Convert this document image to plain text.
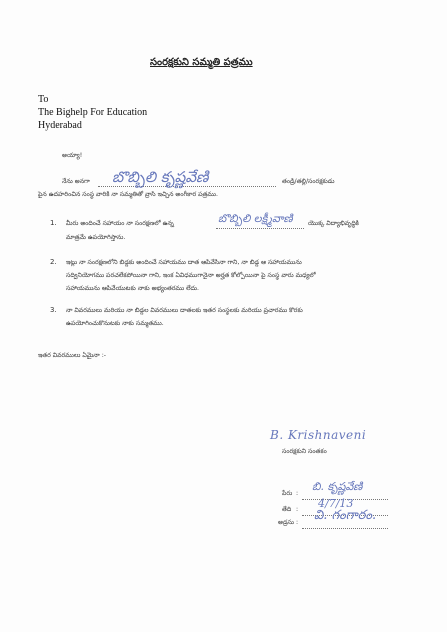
సంరక్షకుని సమ్మతి పత్రము
To
The Bighelp For Education
Hyderabad
అయ్యా!
నేను అనగా బొబ్బిలి కృష్ణవేణి	తండ్రి/తల్లి/సంరక్షకుడు
పైన ఉదహరించిన సంస్థ వారికి నా సమ్మతితో వ్రాసి ఇచ్చిన అంగీకార పత్రము.
1. మీరు అందించే సహాయం నా సంరక్షణలో ఉన్న	బొబ్బిలి లక్ష్మీవాణి యొక్క విద్యాభివృద్ధికి
మాత్రమే ఉపయోగిస్తాను.
2. ఇట్లు నా సంరక్షణలోని బిడ్డకు అందించే సహాయము దాత ఆపివేసినా గాని, నా బిడ్డ ఆ సహాయమును
సద్వినియోగము పరచలేకపోయినా గాని, ఇంక ఏవిధముగానైనా అర్హత కోల్పోయినా పై సంస్థ వారు మధ్యలో
సహాయమును ఆపివేయుటకు నాకు అభ్యంతరము లేదు.
3. నా వివరములు మరియు నా బిడ్డల వివరములు దాతలకు ఇతర సంస్థలకు మరియు ప్రచారము కొరకు
ఉపయోగించుకొనుటకు నాకు సమ్మతము.
ఇతర వివరములు ఏమైనా :-
B. Krishnaveni
సంరక్షకుని సంతకం
పేరు :
బి. కృష్ణవేణి
తేది : 4/7/13
అడ్రసు : వి. గంగారం.
